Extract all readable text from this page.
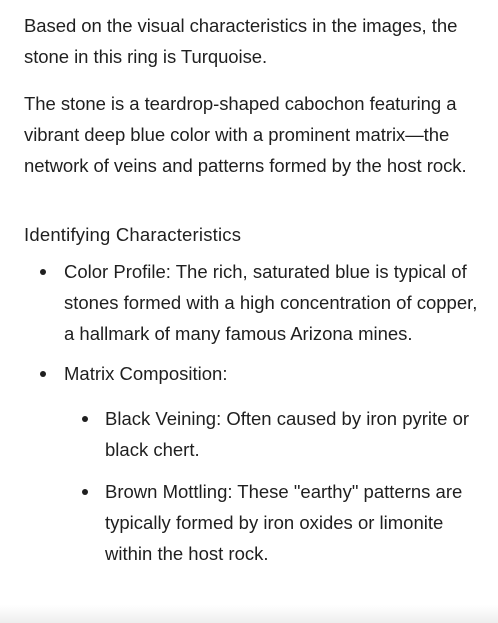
Based on the visual characteristics in the images, the stone in this ring is Turquoise.

The stone is a teardrop-shaped cabochon featuring a vibrant deep blue color with a prominent matrix—the network of veins and patterns formed by the host rock.

Identifying Characteristics
Color Profile: The rich, saturated blue is typical of stones formed with a high concentration of copper, a hallmark of many famous Arizona mines.
Matrix Composition:
Black Veining: Often caused by iron pyrite or black chert.
Brown Mottling: These "earthy" patterns are typically formed by iron oxides or limonite within the host rock.
